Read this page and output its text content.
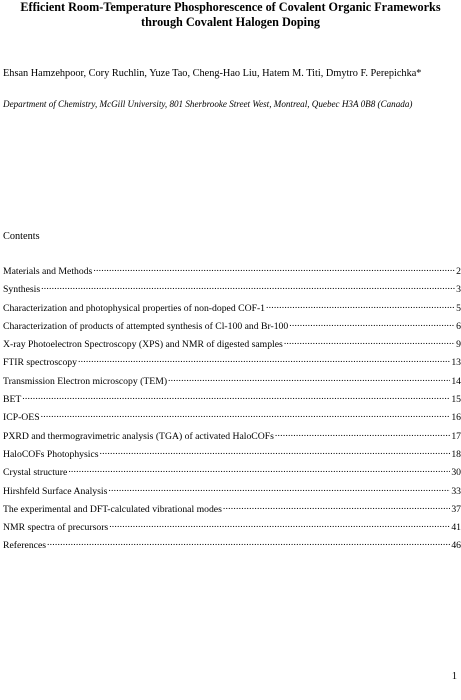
Efficient Room-Temperature Phosphorescence of Covalent Organic Frameworks
through Covalent Halogen Doping
Ehsan Hamzehpoor, Cory Ruchlin, Yuze Tao, Cheng-Hao Liu, Hatem M. Titi, Dmytro F. Perepichka*
Department of Chemistry, McGill University, 801 Sherbrooke Street West, Montreal, Quebec H3A 0B8 (Canada)
Contents
Materials and Methods .....	2
Synthesis .....	3
Characterization and photophysical properties of non-doped COF-1 .....	5
Characterization of products of attempted synthesis of Cl-100 and Br-100 .....	6
X-ray Photoelectron Spectroscopy (XPS) and NMR of digested samples .....	9
FTIR spectroscopy .....	13
Transmission Electron microscopy (TEM) .....	14
BET .....	15
ICP-OES .....	16
PXRD and thermogravimetric analysis (TGA) of activated HaloCOFs .....	17
HaloCOFs Photophysics .....	18
Crystal structure .....	30
Hirshfeld Surface Analysis .....	33
The experimental and DFT-calculated vibrational modes .....	37
NMR spectra of precursors .....	41
References .....	46
1
